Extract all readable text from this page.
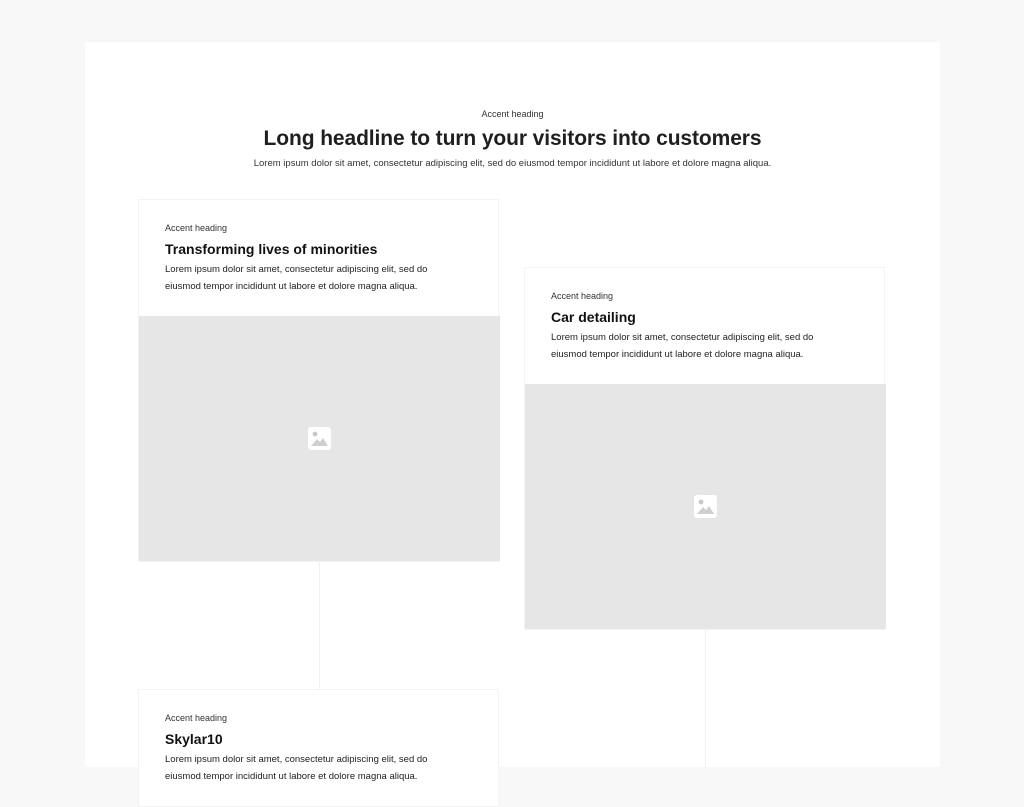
Accent heading
Long headline to turn your visitors into customers

Lorem ipsum dolor sit amet, consectetur adipiscing elit, sed do eiusmod tempor incididunt ut labore et dolore magna aliqua.

Accent heading
Transforming lives of minorities

Lorem ipsum dolor sit amet, consectetur adipiscing elit, sed do eiusmod tempor incididunt ut labore et dolore magna aliqua.

Accent heading
Car detailing

Lorem ipsum dolor sit amet, consectetur adipiscing elit, sed do eiusmod tempor incididunt ut labore et dolore magna aliqua.

Accent heading
Skylar10

Lorem ipsum dolor sit amet, consectetur adipiscing elit, sed do eiusmod tempor incididunt ut labore et dolore magna aliqua.
